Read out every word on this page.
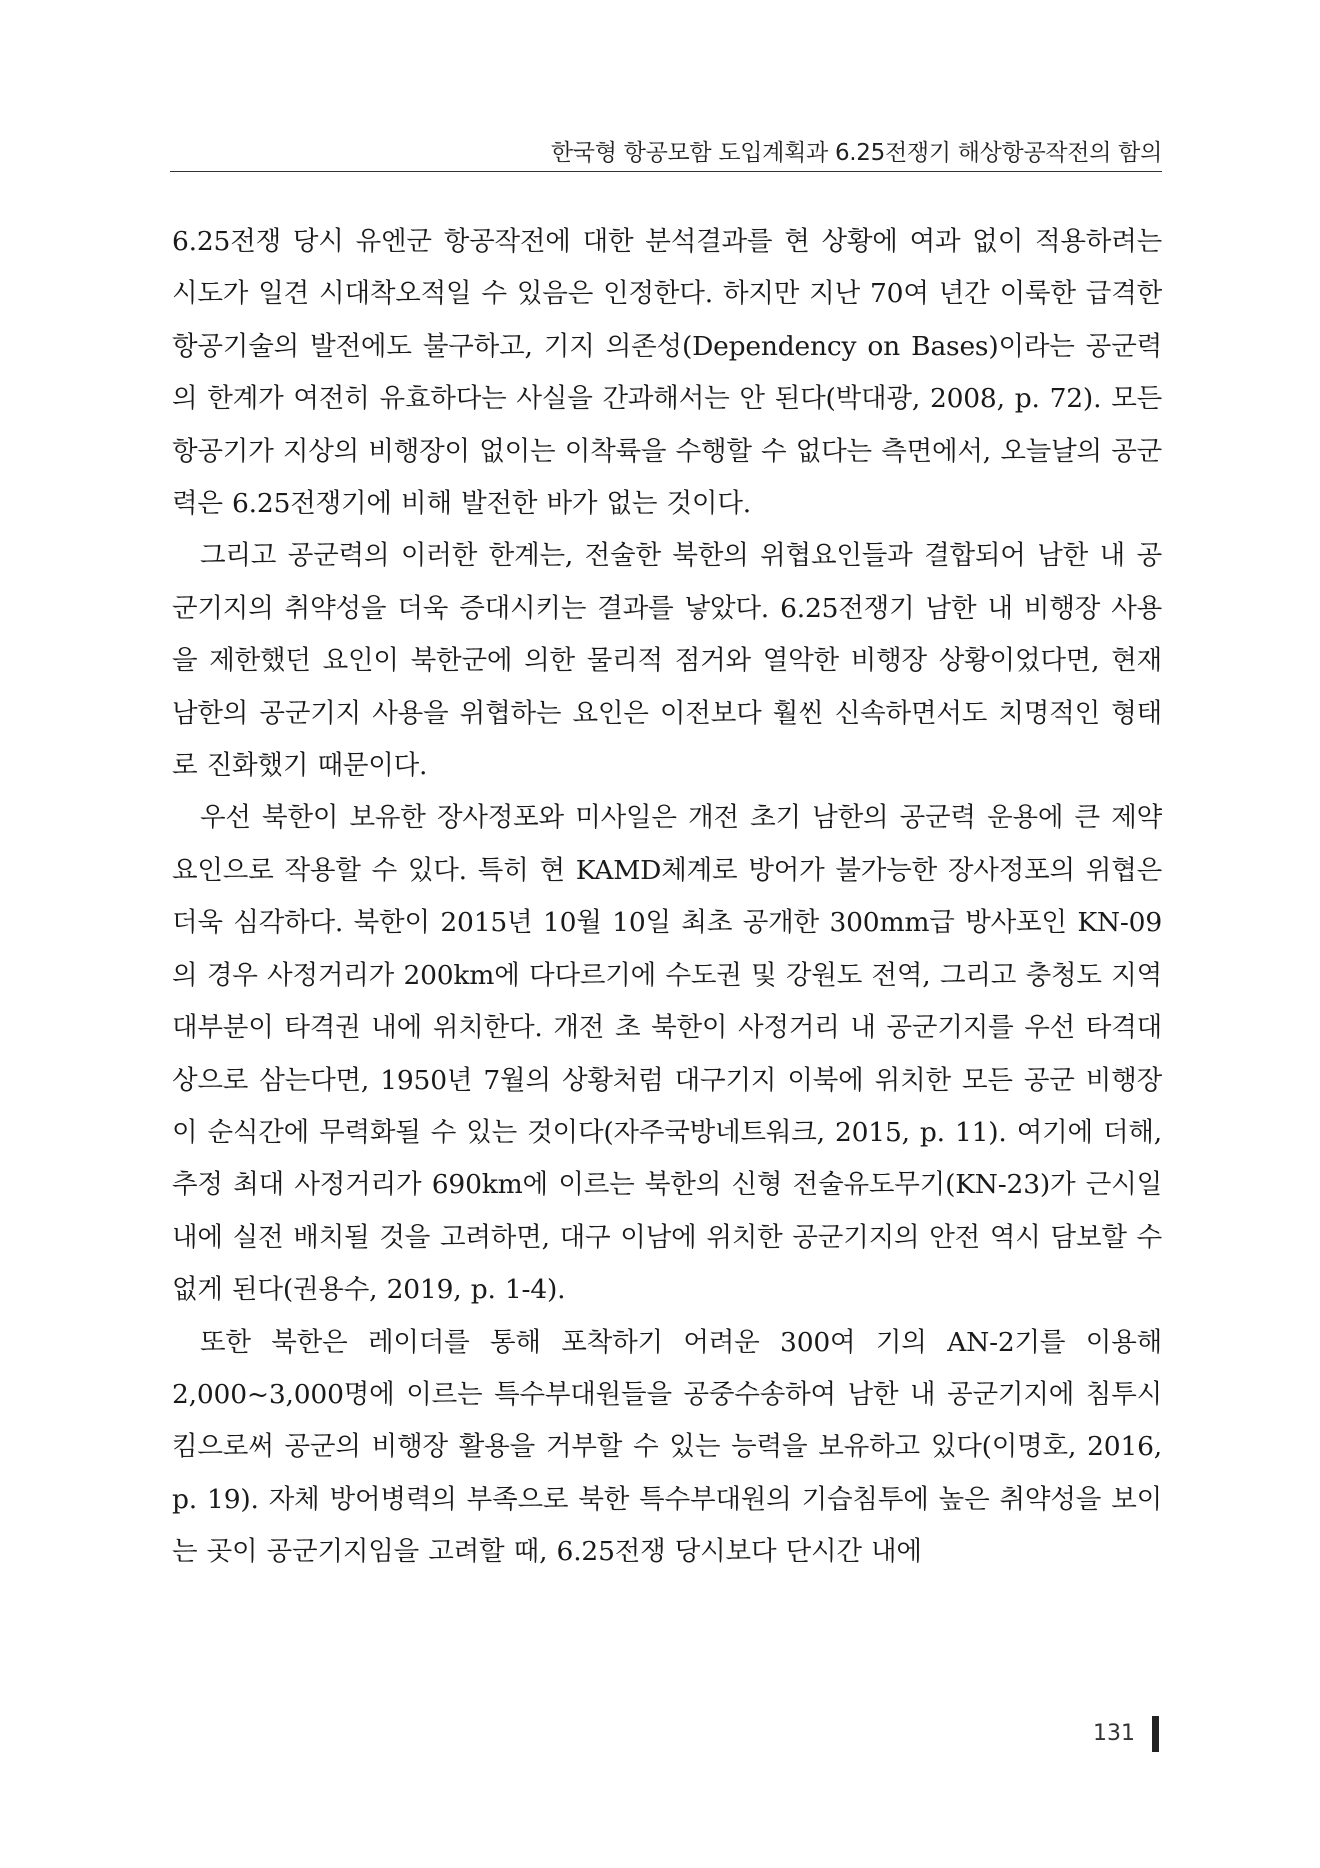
한국형 항공모함 도입계획과 6.25전쟁기 해상항공작전의 함의

6.25전쟁 당시 유엔군 항공작전에 대한 분석결과를 현 상황에 여과 없이 적용하려는 시도가 일견 시대착오적일 수 있음은 인정한다. 하지만 지난 70여 년간 이룩한 급격한 항공기술의 발전에도 불구하고, 기지 의존성(Dependency on Bases)이라는 공군력의 한계가 여전히 유효하다는 사실을 간과해서는 안 된다(박대광, 2008, p. 72). 모든 항공기가 지상의 비행장이 없이는 이착륙을 수행할 수 없다는 측면에서, 오늘날의 공군력은 6.25전쟁기에 비해 발전한 바가 없는 것이다.

그리고 공군력의 이러한 한계는, 전술한 북한의 위협요인들과 결합되어 남한 내 공군기지의 취약성을 더욱 증대시키는 결과를 낳았다. 6.25전쟁기 남한 내 비행장 사용을 제한했던 요인이 북한군에 의한 물리적 점거와 열악한 비행장 상황이었다면, 현재 남한의 공군기지 사용을 위협하는 요인은 이전보다 훨씬 신속하면서도 치명적인 형태로 진화했기 때문이다.

우선 북한이 보유한 장사정포와 미사일은 개전 초기 남한의 공군력 운용에 큰 제약요인으로 작용할 수 있다. 특히 현 KAMD체계로 방어가 불가능한 장사정포의 위협은 더욱 심각하다. 북한이 2015년 10월 10일 최초 공개한 300mm급 방사포인 KN-09의 경우 사정거리가 200km에 다다르기에 수도권 및 강원도 전역, 그리고 충청도 지역 대부분이 타격권 내에 위치한다. 개전 초 북한이 사정거리 내 공군기지를 우선 타격대상으로 삼는다면, 1950년 7월의 상황처럼 대구기지 이북에 위치한 모든 공군 비행장이 순식간에 무력화될 수 있는 것이다(자주국방네트워크, 2015, p. 11). 여기에 더해, 추정 최대 사정거리가 690km에 이르는 북한의 신형 전술유도무기(KN-23)가 근시일 내에 실전 배치될 것을 고려하면, 대구 이남에 위치한 공군기지의 안전 역시 담보할 수 없게 된다(권용수, 2019, p. 1-4).

또한 북한은 레이더를 통해 포착하기 어려운 300여 기의 AN-2기를 이용해 2,000~3,000명에 이르는 특수부대원들을 공중수송하여 남한 내 공군기지에 침투시킴으로써 공군의 비행장 활용을 거부할 수 있는 능력을 보유하고 있다(이명호, 2016, p. 19). 자체 방어병력의 부족으로 북한 특수부대원의 기습침투에 높은 취약성을 보이는 곳이 공군기지임을 고려할 때, 6.25전쟁 당시보다 단시간 내에

131
